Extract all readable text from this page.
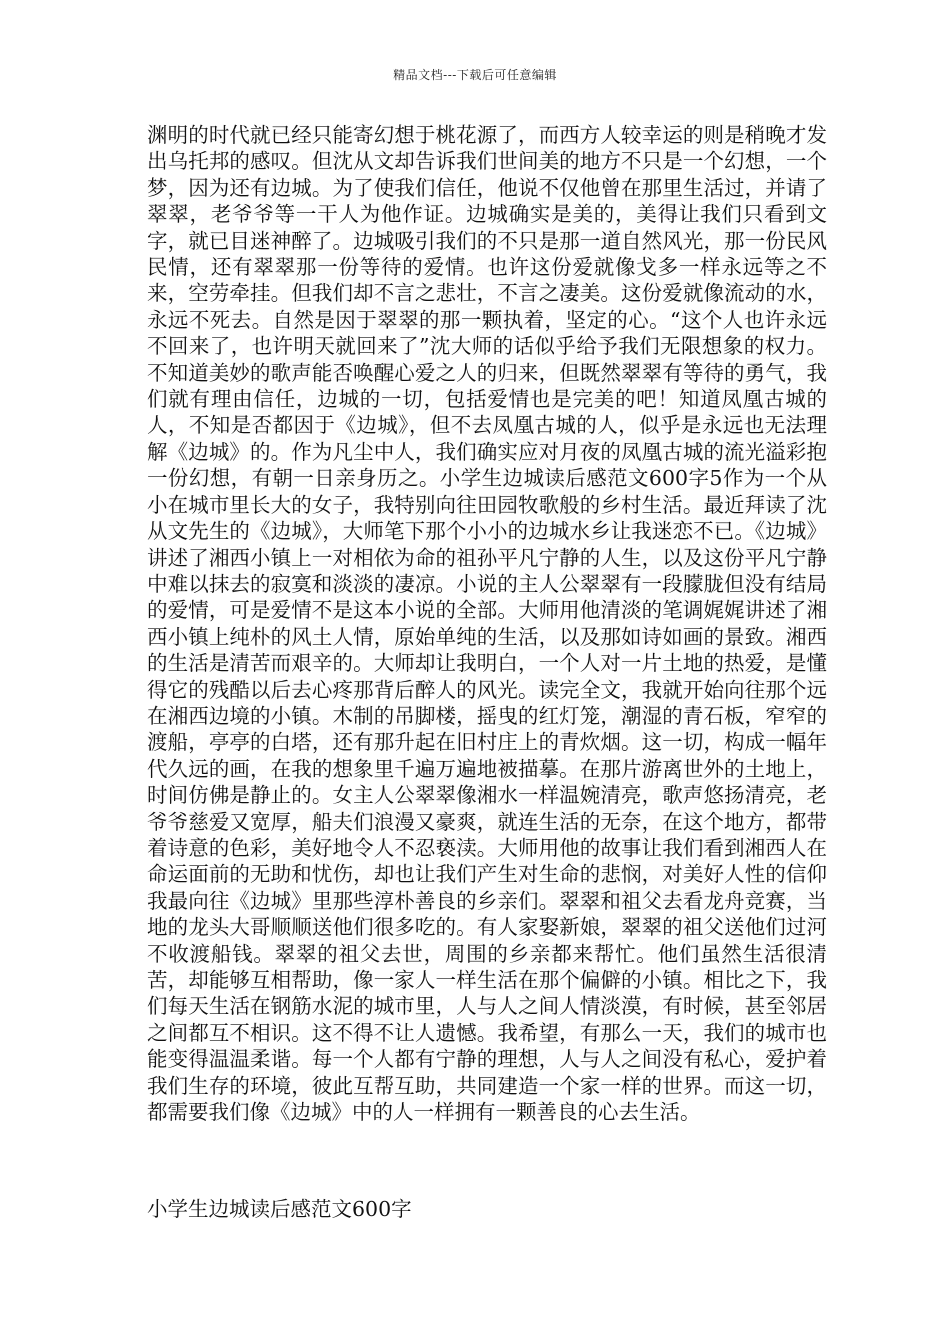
精品文档---下载后可任意编辑
渊明的时代就已经只能寄幻想于桃花源了，而西方人较幸运的则是稍晚才发出乌托邦的感叹。但沈从文却告诉我们世间美的地方不只是一个幻想，一个梦，因为还有边城。为了使我们信任，他说不仅他曾在那里生活过，并请了翠翠，老爷爷等一干人为他作证。边城确实是美的，美得让我们只看到文字，就已目迷神醉了。边城吸引我们的不只是那一道自然风光，那一份民风民情，还有翠翠那一份等待的爱情。也许这份爱就像戈多一样永远等之不来，空劳牵挂。但我们却不言之悲壮，不言之凄美。这份爱就像流动的水，永远不死去。自然是因于翠翠的那一颗执着，坚定的心。“这个人也许永远不回来了，也许明天就回来了”沈大师的话似乎给予我们无限想象的权力。不知道美妙的歌声能否唤醒心爱之人的归来，但既然翠翠有等待的勇气，我们就有理由信任，边城的一切，包括爱情也是完美的吧！知道凤凰古城的人，不知是否都因于《边城》，但不去凤凰古城的人，似乎是永远也无法理解《边城》的。作为凡尘中人，我们确实应对月夜的凤凰古城的流光溢彩抱一份幻想，有朝一日亲身历之。小学生边城读后感范文600字5作为一个从小在城市里长大的女子，我特别向往田园牧歌般的乡村生活。最近拜读了沈从文先生的《边城》，大师笔下那个小小的边城水乡让我迷恋不已。《边城》讲述了湘西小镇上一对相依为命的祖孙平凡宁静的人生，以及这份平凡宁静中难以抹去的寂寞和淡淡的凄凉。小说的主人公翠翠有一段朦胧但没有结局的爱情，可是爱情不是这本小说的全部。大师用他清淡的笔调娓娓讲述了湘西小镇上纯朴的风土人情，原始单纯的生活，以及那如诗如画的景致。湘西的生活是清苦而艰辛的。大师却让我明白，一个人对一片土地的热爱，是懂得它的残酷以后去心疼那背后醉人的风光。读完全文，我就开始向往那个远在湘西边境的小镇。木制的吊脚楼，摇曳的红灯笼，潮湿的青石板，窄窄的渡船，亭亭的白塔，还有那升起在旧村庄上的青炊烟。这一切，构成一幅年代久远的画，在我的想象里千遍万遍地被描摹。在那片游离世外的土地上，时间仿佛是静止的。女主人公翠翠像湘水一样温婉清亮，歌声悠扬清亮，老爷爷慈爱又宽厚，船夫们浪漫又豪爽，就连生活的无奈，在这个地方，都带着诗意的色彩，美好地令人不忍亵渎。大师用他的故事让我们看到湘西人在命运面前的无助和忧伤，却也让我们产生对生命的悲悯，对美好人性的信仰我最向往《边城》里那些淳朴善良的乡亲们。翠翠和祖父去看龙舟竞赛，当地的龙头大哥顺顺送他们很多吃的。有人家娶新娘，翠翠的祖父送他们过河不收渡船钱。翠翠的祖父去世，周围的乡亲都来帮忙。他们虽然生活很清苦，却能够互相帮助，像一家人一样生活在那个偏僻的小镇。相比之下，我们每天生活在钢筋水泥的城市里，人与人之间人情淡漠，有时候，甚至邻居之间都互不相识。这不得不让人遗憾。我希望，有那么一天，我们的城市也能变得温温柔谐。每一个人都有宁静的理想，人与人之间没有私心，爱护着我们生存的环境，彼此互帮互助，共同建造一个家一样的世界。而这一切，都需要我们像《边城》中的人一样拥有一颗善良的心去生活。
小学生边城读后感范文600字
